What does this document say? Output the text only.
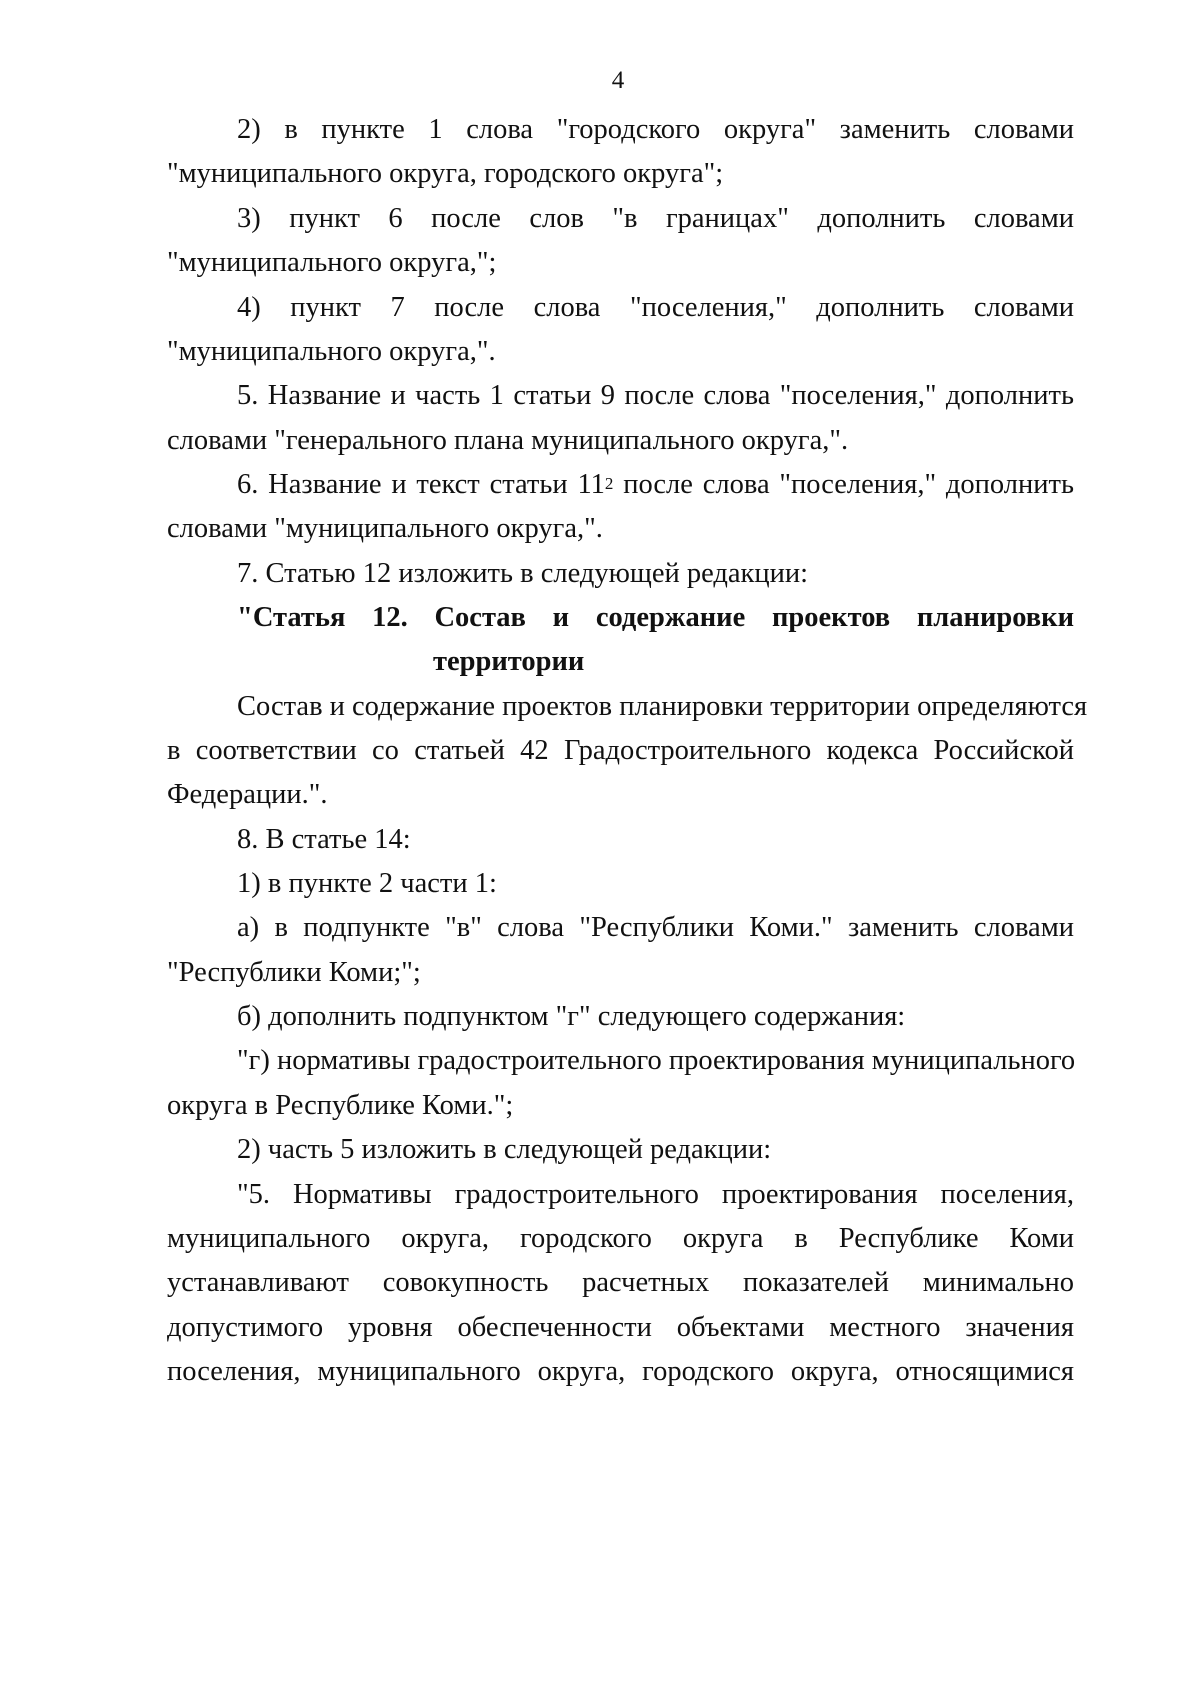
4
2) в пункте 1 слова "городского округа" заменить словами
"муниципального округа, городского округа";
3) пункт 6 после слов "в границах" дополнить словами
"муниципального округа,";
4) пункт 7 после слова "поселения," дополнить словами
"муниципального округа,".
5. Название и часть 1 статьи 9 после слова "поселения," дополнить
словами "генерального плана муниципального округа,".
6. Название и текст статьи $11^2$ после слова "поселения," дополнить
словами "муниципального округа,".
7. Статью 12 изложить в следующей редакции:
"Статья 12. Состав и содержание проектов планировки
территории
Состав и содержание проектов планировки территории определяются
в соответствии со статьей 42 Градостроительного кодекса Российской
Федерации.".
8. В статье 14:
1) в пункте 2 части 1:
а) в подпункте "в" слова "Республики Коми." заменить словами
"Республики Коми;";
б) дополнить подпунктом "г" следующего содержания:
"г) нормативы градостроительного проектирования муниципального
округа в Республике Коми.";
2) часть 5 изложить в следующей редакции:
"5. Нормативы градостроительного проектирования поселения,
муниципального округа, городского округа в Республике Коми
устанавливают совокупность расчетных показателей минимально
допустимого уровня обеспеченности объектами местного значения
поселения, муниципального округа, городского округа, относящимися
